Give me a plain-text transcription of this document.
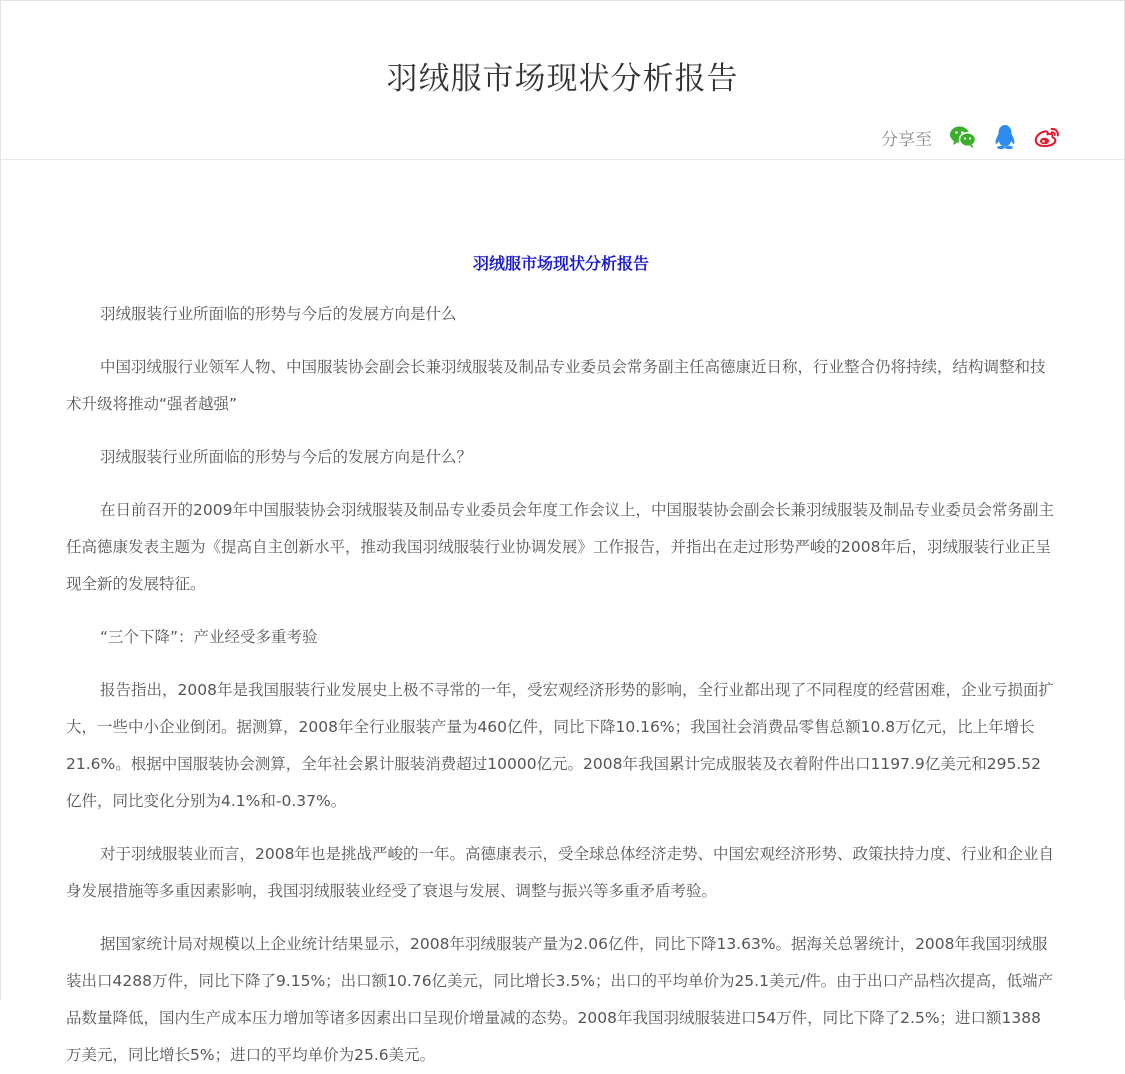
羽绒服市场现状分析报告
分享至
羽绒服市场现状分析报告

羽绒服装行业所面临的形势与今后的发展方向是什么

中国羽绒服行业领军人物、中国服装协会副会长兼羽绒服装及制品专业委员会常务副主任高德康近日称，行业整合仍将持续，结构调整和技术升级将推动“强者越强”

羽绒服装行业所面临的形势与今后的发展方向是什么？

在日前召开的2009年中国服装协会羽绒服装及制品专业委员会年度工作会议上，中国服装协会副会长兼羽绒服装及制品专业委员会常务副主任高德康发表主题为《提高自主创新水平，推动我国羽绒服装行业协调发展》工作报告，并指出在走过形势严峻的2008年后，羽绒服装行业正呈现全新的发展特征。

“三个下降”：产业经受多重考验

报告指出，2008年是我国服装行业发展史上极不寻常的一年，受宏观经济形势的影响，全行业都出现了不同程度的经营困难，企业亏损面扩大，一些中小企业倒闭。据测算，2008年全行业服装产量为460亿件，同比下降10.16%；我国社会消费品零售总额10.8万亿元，比上年增长21.6%。根据中国服装协会测算，全年社会累计服装消费超过10000亿元。2008年我国累计完成服装及衣着附件出口1197.9亿美元和295.52亿件，同比变化分别为4.1%和-0.37%。

对于羽绒服装业而言，2008年也是挑战严峻的一年。高德康表示，受全球总体经济走势、中国宏观经济形势、政策扶持力度、行业和企业自身发展措施等多重因素影响，我国羽绒服装业经受了衰退与发展、调整与振兴等多重矛盾考验。

据国家统计局对规模以上企业统计结果显示，2008年羽绒服装产量为2.06亿件，同比下降13.63%。据海关总署统计，2008年我国羽绒服装出口4288万件，同比下降了9.15%；出口额10.76亿美元，同比增长3.5%；出口的平均单价为25.1美元/件。由于出口产品档次提高，低端产品数量降低，国内生产成本压力增加等诸多因素出口呈现价增量减的态势。2008年我国羽绒服装进口54万件，同比下降了2.5%；进口额1388万美元，同比增长5%；进口的平均单价为25.6美元。
